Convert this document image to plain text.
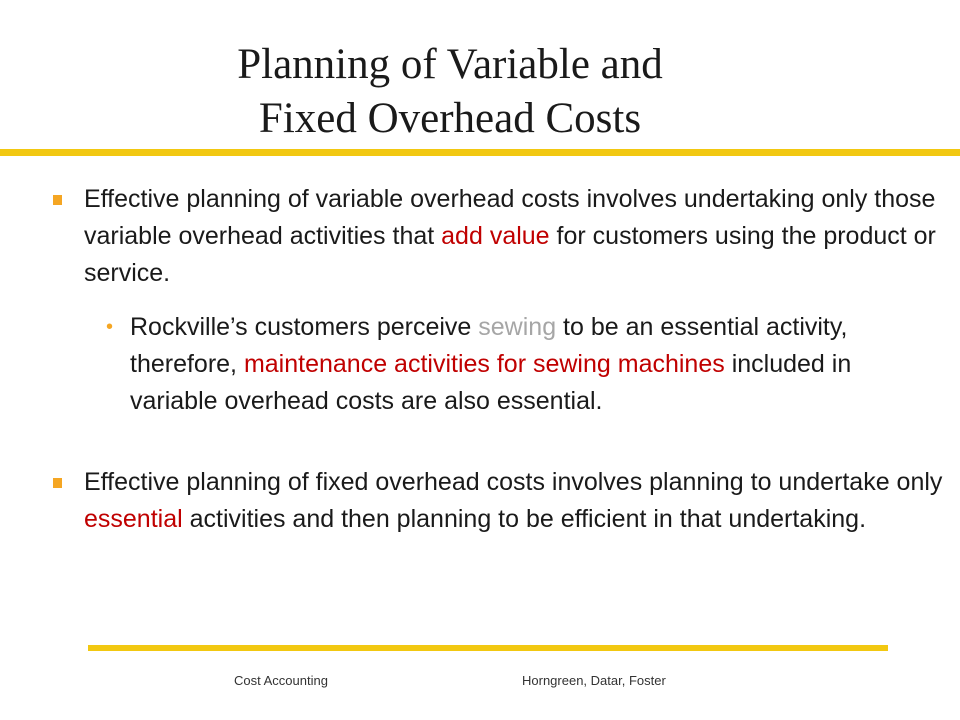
Planning of Variable and
Fixed Overhead Costs
Effective planning of variable overhead costs involves undertaking only those variable overhead activities that add value for customers using the product or service.
• Rockville’s customers perceive sewing to be an essential activity, therefore, maintenance activities for sewing machines included in variable overhead costs are also essential.
Effective planning of fixed overhead costs involves planning to undertake only essential activities and then planning to be efficient in that undertaking.
Cost Accounting	Horngreen, Datar, Foster
